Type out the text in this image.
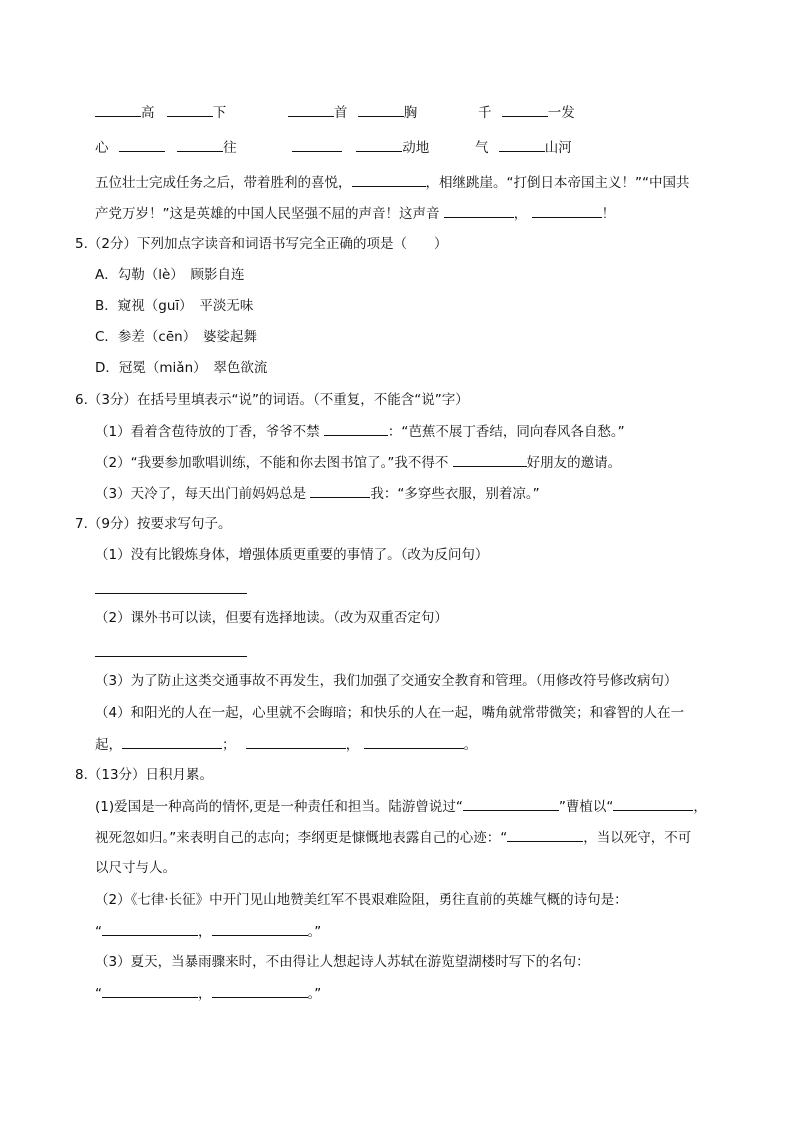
高	下	首	胸	千	一发
心	往	动地	气	山河
五位壮士完成任务之后，带着胜利的喜悦，	，相继跳崖。“打倒日本帝国主义！”“中国共
产党万岁！”这是英雄的中国人民坚强不屈的声音！这声音	，	！
5.（2分）下列加点字读音和词语书写完全正确的项是（　　）
A．勾勒（lè）　顾影自连
B．窥视（guī）　平淡无味
C．参差（cēn）　婆娑起舞
D．冠冕（miǎn）　翠色欲流
6.（3分）在括号里填表示“说”的词语。（不重复，不能含“说”字）
（1）看着含苞待放的丁香，爷爷不禁	：“芭蕉不展丁香结，同向春风各自愁。”
（2）“我要参加歌唱训练，不能和你去图书馆了。”我不得不	好朋友的邀请。
（3）天冷了，每天出门前妈妈总是	我：“多穿些衣服，别着凉。”
7.（9分）按要求写句子。
（1）没有比锻炼身体，增强体质更重要的事情了。（改为反问句）
（2）课外书可以读，但要有选择地读。（改为双重否定句）
（3）为了防止这类交通事故不再发生，我们加强了交通安全教育和管理。（用修改符号修改病句）
（4）和阳光的人在一起，心里就不会晦暗；和快乐的人在一起，嘴角就常带微笑；和睿智的人在一
起，	；	，	。
8.（13分）日积月累。
(1)爱国是一种高尚的情怀,更是一种责任和担当。陆游曾说过“	”曹植以“	，
视死忽如归。”来表明自己的志向；李纲更是慷慨地表露自己的心迹：“	，当以死守，不可
以尺寸与人。
（2）《七律·长征》中开门见山地赞美红军不畏艰难险阻，勇往直前的英雄气概的诗句是：
“	，	。”
（3）夏天，当暴雨骤来时，不由得让人想起诗人苏轼在游览望湖楼时写下的名句：
“	，	。”
